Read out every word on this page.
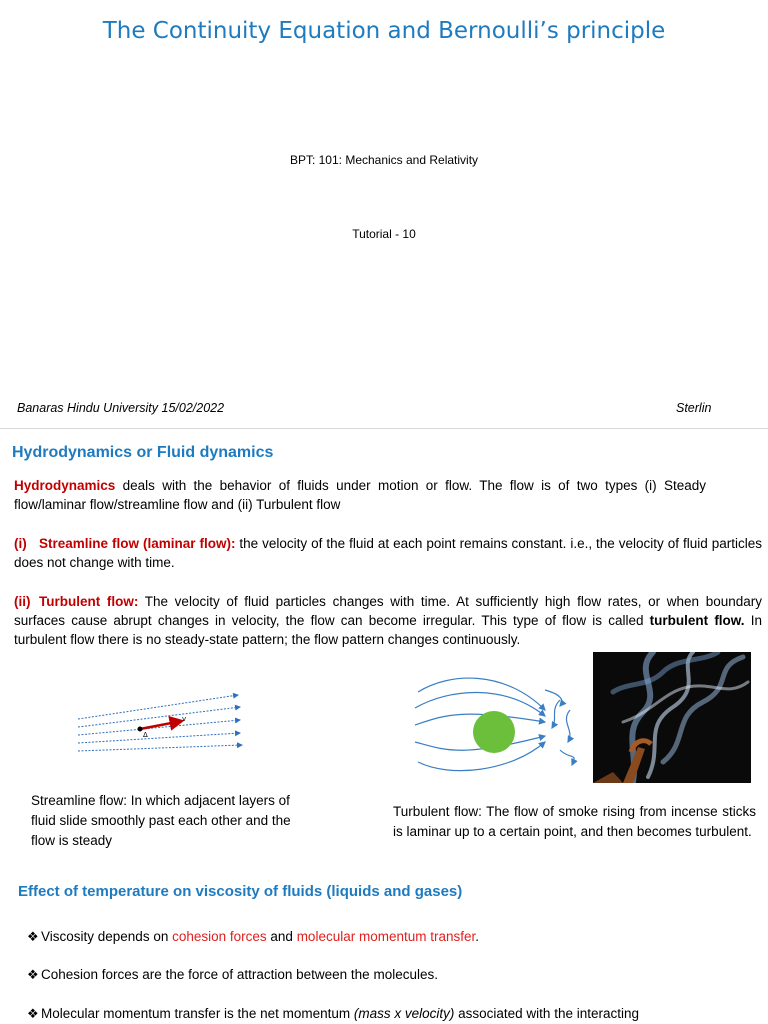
The Continuity Equation and Bernoulli’s principle
BPT: 101: Mechanics and Relativity
Tutorial - 10
Banaras Hindu University 15/02/2022	Sterlin
Hydrodynamics or Fluid dynamics
Hydrodynamics deals with the behavior of fluids under motion or flow. The flow is of two types (i) Steady flow/laminar flow/streamline flow and (ii) Turbulent flow
(i) Streamline flow (laminar flow): the velocity of the fluid at each point remains constant. i.e., the velocity of fluid particles does not change with time.
(ii) Turbulent flow: The velocity of fluid particles changes with time. At sufficiently high flow rates, or when boundary surfaces cause abrupt changes in velocity, the flow can become irregular. This type of flow is called turbulent flow. In turbulent flow there is no steady-state pattern; the flow pattern changes continuously.
Δ
v
Streamline flow: In which adjacent layers of fluid slide smoothly past each other and the flow is steady
Turbulent flow: The flow of smoke rising from incense sticks is laminar up to a certain point, and then becomes turbulent.
Effect of temperature on viscosity of fluids (liquids and gases)
❖ Viscosity depends on cohesion forces and molecular momentum transfer.
❖ Cohesion forces are the force of attraction between the molecules.
❖ Molecular momentum transfer is the net momentum (mass x velocity) associated with the interacting
